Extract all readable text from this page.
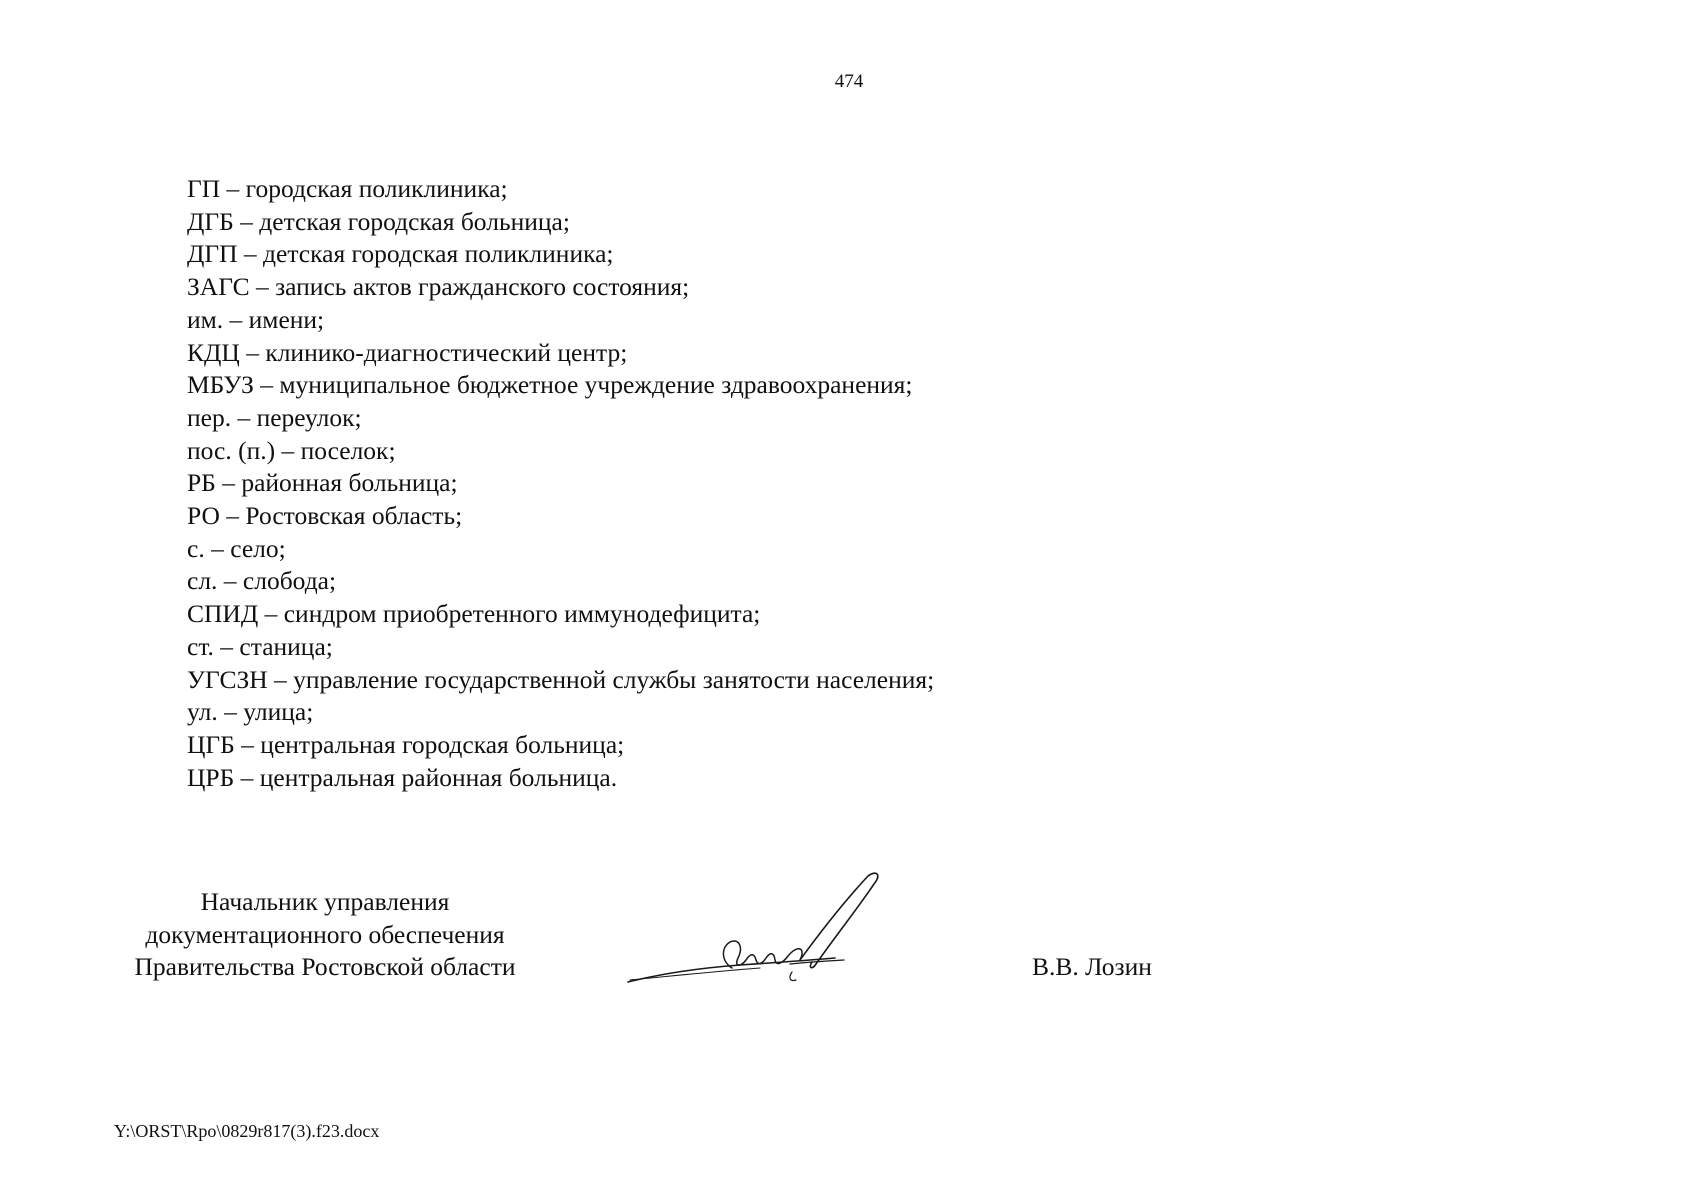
474
ГП – городская поликлиника;
ДГБ – детская городская больница;
ДГП – детская городская поликлиника;
ЗАГС – запись актов гражданского состояния;
им. – имени;
КДЦ – клинико-диагностический центр;
МБУЗ – муниципальное бюджетное учреждение здравоохранения;
пер. – переулок;
пос. (п.) – поселок;
РБ – районная больница;
РО – Ростовская область;
с. – село;
сл. – слобода;
СПИД – синдром приобретенного иммунодефицита;
ст. – станица;
УГСЗН – управление государственной службы занятости населения;
ул. – улица;
ЦГБ – центральная городская больница;
ЦРБ – центральная районная больница.
Начальник управления
документационного обеспечения
Правительства Ростовской области	В.В. Лозин
Y:\ORST\Rpo\0829r817(3).f23.docx
